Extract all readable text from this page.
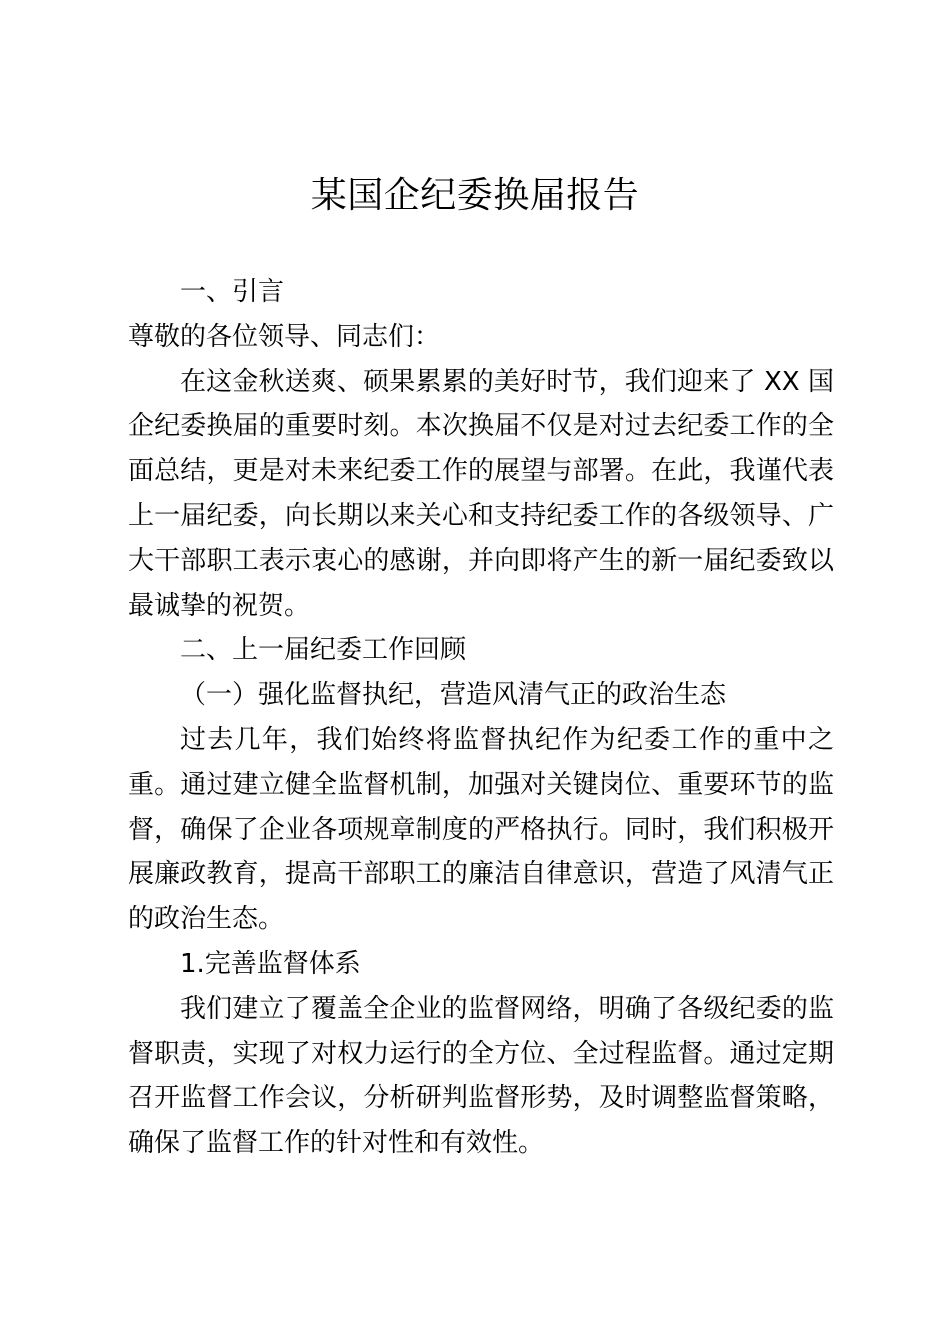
某国企纪委换届报告

一、引言

尊敬的各位领导、同志们：

在这金秋送爽、硕果累累的美好时节，我们迎来了 XX 国企纪委换届的重要时刻。本次换届不仅是对过去纪委工作的全面总结，更是对未来纪委工作的展望与部署。在此，我谨代表上一届纪委，向长期以来关心和支持纪委工作的各级领导、广大干部职工表示衷心的感谢，并向即将产生的新一届纪委致以最诚挚的祝贺。

二、上一届纪委工作回顾

（一）强化监督执纪，营造风清气正的政治生态

过去几年，我们始终将监督执纪作为纪委工作的重中之重。通过建立健全监督机制，加强对关键岗位、重要环节的监督，确保了企业各项规章制度的严格执行。同时，我们积极开展廉政教育，提高干部职工的廉洁自律意识，营造了风清气正的政治生态。

1.完善监督体系

我们建立了覆盖全企业的监督网络，明确了各级纪委的监督职责，实现了对权力运行的全方位、全过程监督。通过定期召开监督工作会议，分析研判监督形势，及时调整监督策略，确保了监督工作的针对性和有效性。
